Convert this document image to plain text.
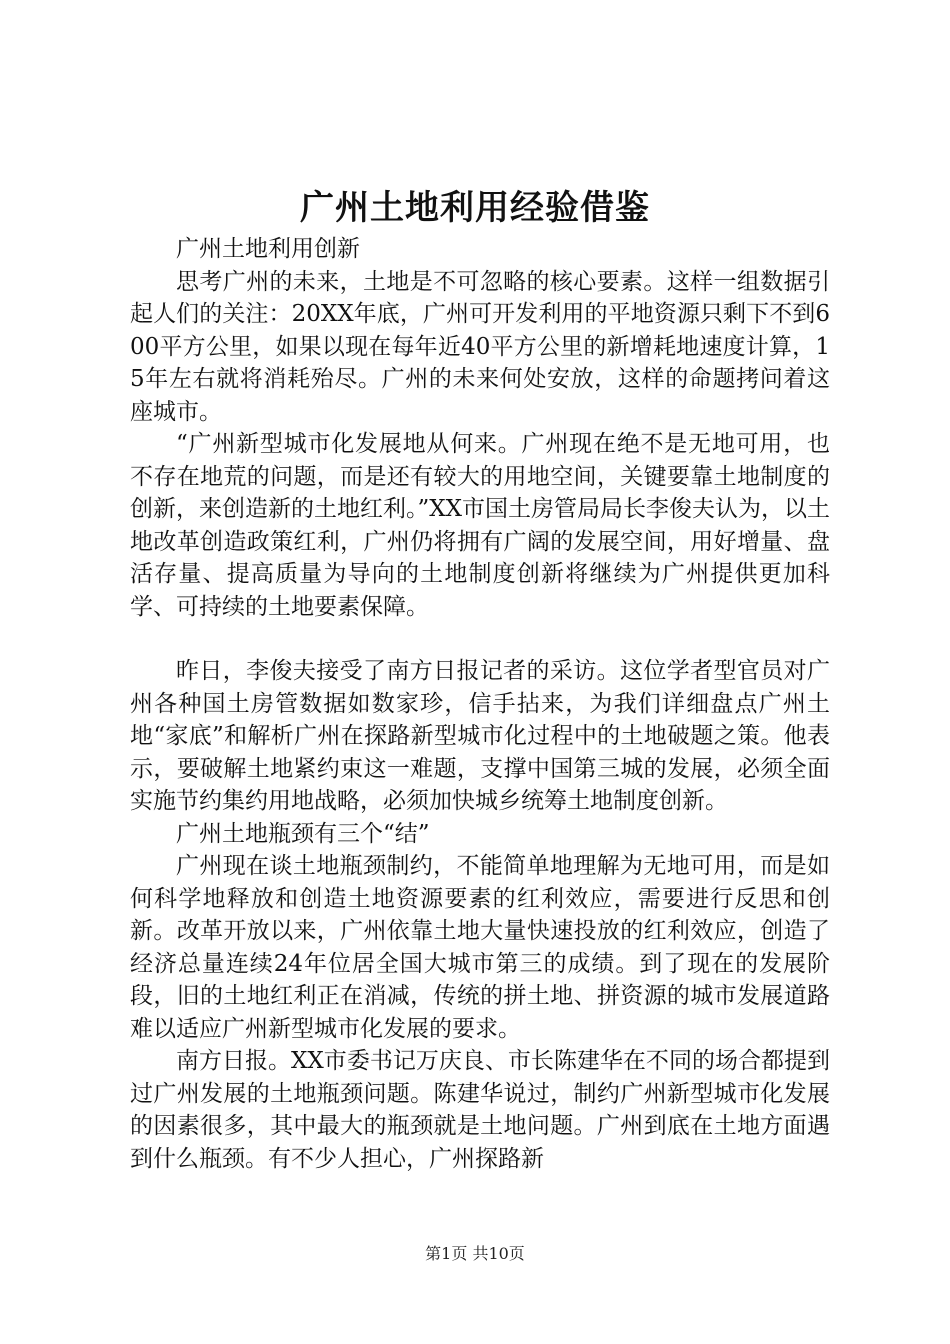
广州土地利用经验借鉴

广州土地利用创新

思考广州的未来，土地是不可忽略的核心要素。这样一组数据引起人们的关注：20XX年底，广州可开发利用的平地资源只剩下不到600平方公里，如果以现在每年近40平方公里的新增耗地速度计算，15年左右就将消耗殆尽。广州的未来何处安放，这样的命题拷问着这座城市。

“广州新型城市化发展地从何来。广州现在绝不是无地可用，也不存在地荒的问题，而是还有较大的用地空间，关键要靠土地制度的创新，来创造新的土地红利。”XX市国土房管局局长李俊夫认为，以土地改革创造政策红利，广州仍将拥有广阔的发展空间，用好增量、盘活存量、提高质量为导向的土地制度创新将继续为广州提供更加科学、可持续的土地要素保障。

昨日，李俊夫接受了南方日报记者的采访。这位学者型官员对广州各种国土房管数据如数家珍，信手拈来，为我们详细盘点广州土地“家底”和解析广州在探路新型城市化过程中的土地破题之策。他表示，要破解土地紧约束这一难题，支撑中国第三城的发展，必须全面实施节约集约用地战略，必须加快城乡统筹土地制度创新。

广州土地瓶颈有三个“结”

广州现在谈土地瓶颈制约，不能简单地理解为无地可用，而是如何科学地释放和创造土地资源要素的红利效应，需要进行反思和创新。改革开放以来，广州依靠土地大量快速投放的红利效应，创造了经济总量连续24年位居全国大城市第三的成绩。到了现在的发展阶段，旧的土地红利正在消减，传统的拼土地、拼资源的城市发展道路难以适应广州新型城市化发展的要求。

南方日报。XX市委书记万庆良、市长陈建华在不同的场合都提到过广州发展的土地瓶颈问题。陈建华说过，制约广州新型城市化发展的因素很多，其中最大的瓶颈就是土地问题。广州到底在土地方面遇到什么瓶颈。有不少人担心，广州探路新

第1页 共10页
